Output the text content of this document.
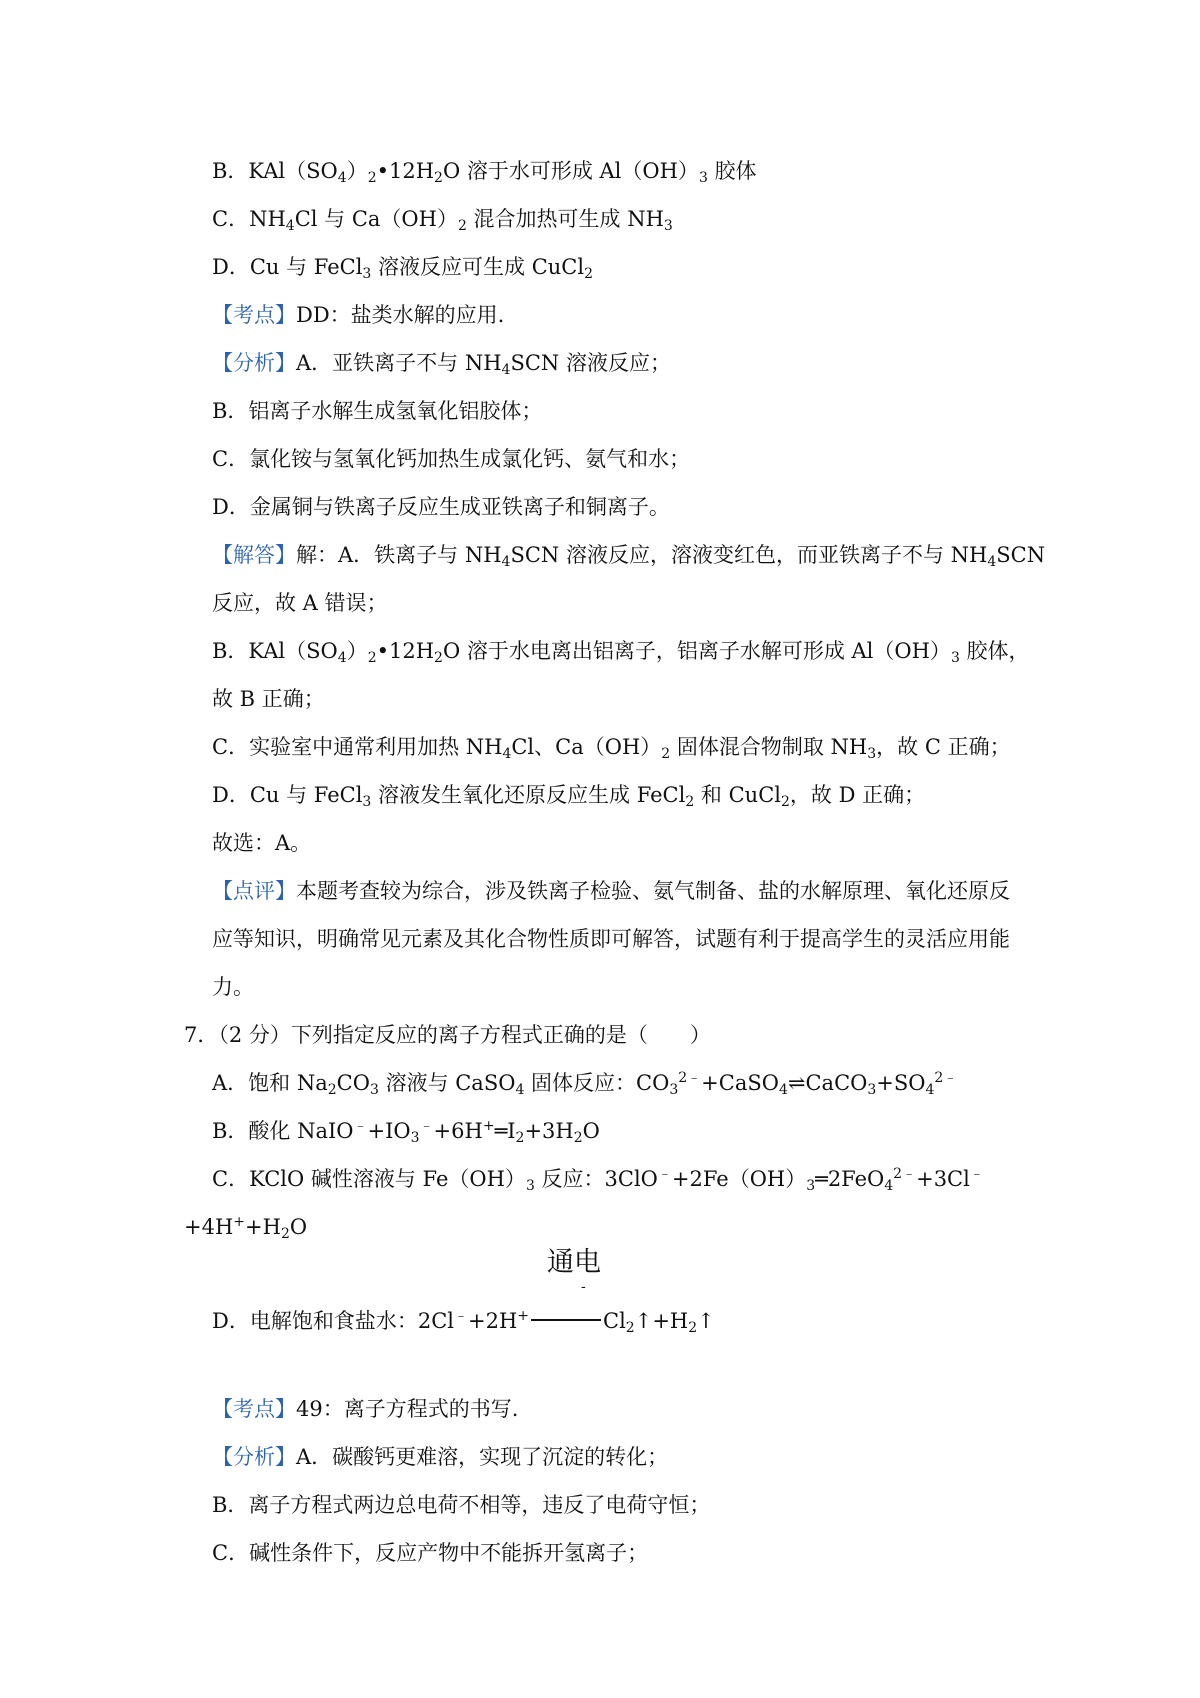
B．$KAl(SO_4)_2•12H_2O$ 溶于水可形成 $Al(OH)_3$ 胶体
C．$NH_4Cl$ 与 $Ca(OH)_2$ 混合加热可生成 $NH_3$
D．Cu 与 FeCl$_3$ 溶液反应可生成 CuCl$_2$
【考点】DD：盐类水解的应用.
【分析】A．亚铁离子不与 $NH_4SCN$ 溶液反应；
B．铝离子水解生成氢氧化铝胶体；
C．氯化铵与氢氧化钙加热生成氯化钙、氨气和水；
D．金属铜与铁离子反应生成亚铁离子和铜离子。
【解答】解：A．铁离子与 $NH_4SCN$ 溶液反应，溶液变红色，而亚铁离子不与 $NH_4SCN$
反应，故 A 错误；
B．$KAl(SO_4)_2•12H_2O$ 溶于水电离出铝离子，铝离子水解可形成 $Al(OH)_3$ 胶体，
故 B 正确；
C．实验室中通常利用加热 $NH_4Cl$、$Ca(OH)_2$ 固体混合物制取 $NH_3$，故 C 正确；
D．Cu 与 FeCl$_3$ 溶液发生氧化还原反应生成 FeCl$_2$ 和 CuCl$_2$，故 D 正确；
故选：A。
【点评】本题考查较为综合，涉及铁离子检验、氨气制备、盐的水解原理、氧化还原反
应等知识，明确常见元素及其化合物性质即可解答，试题有利于提高学生的灵活应用能
力。
7．（2 分）下列指定反应的离子方程式正确的是（　　）
A．饱和 $Na_2CO_3$ 溶液与 CaSO$_4$ 固体反应：$CO_3^{2﹣}+CaSO_4\rightleftharpoons CaCO_3+SO_4^{2﹣}$
B．酸化 $NaIO^﹣+IO_3^﹣+6H^+═I_2+3H_2O$
C．KClO 碱性溶液与 $Fe(OH)_3$ 反应：$3ClO^﹣+2Fe(OH)_3═2FeO_4^{2﹣}+3Cl^﹣$
$+4H^++H_2O$
D．电解饱和食盐水：2Cl﹣+2H+
通电
-
$Cl_2↑+H_2↑$
【考点】49：离子方程式的书写.
【分析】A．碳酸钙更难溶，实现了沉淀的转化；
B．离子方程式两边总电荷不相等，违反了电荷守恒；
C．碱性条件下，反应产物中不能拆开氢离子；
